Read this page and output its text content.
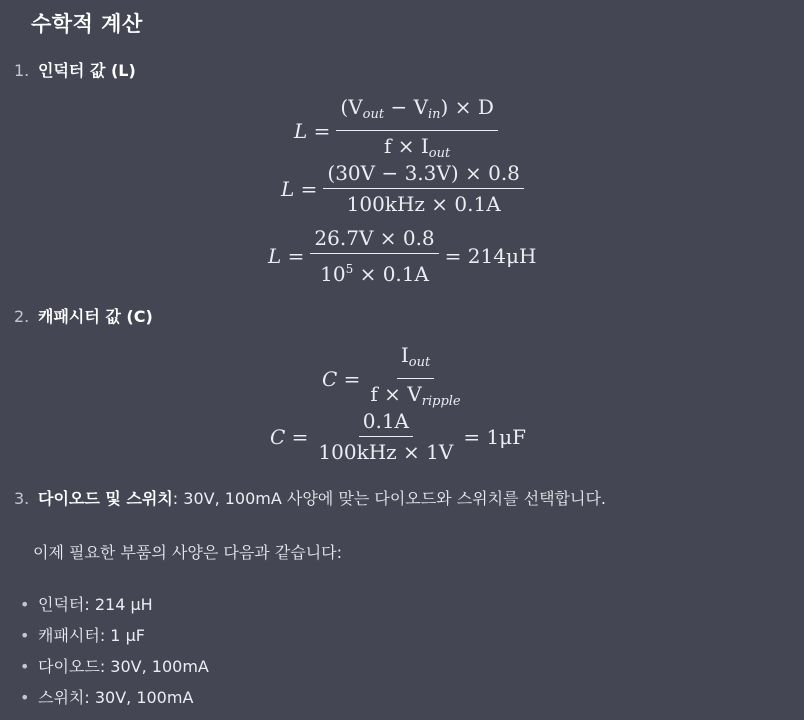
수학적 계산
1. 인덕터 값 (L)
$L = \frac{(V_{out} - V_{in}) \times D}{f \times I_{out}}$
$L = \frac{(30V - 3.3V) \times 0.8}{\text{100kHz × 0.1A}}$
$L = \frac{26.7V \times 0.8}{10^5 \times 0.1A} = 214\mu H$
2. 캐패시터 값 (C)
$C = \frac{I_{out}}{f \times V_{ripple}}$
$C = \frac{0.1A}{\text{100kHz × 1V}} = 1\mu F$
3. 다이오드 및 스위치: 30V, 100mA 사양에 맞는 다이오드와 스위치를 선택합니다.
이제 필요한 부품의 사양은 다음과 같습니다:
• 인덕터: 214 μH
• 캐패시터: 1 μF
• 다이오드: 30V, 100mA
• 스위치: 30V, 100mA
